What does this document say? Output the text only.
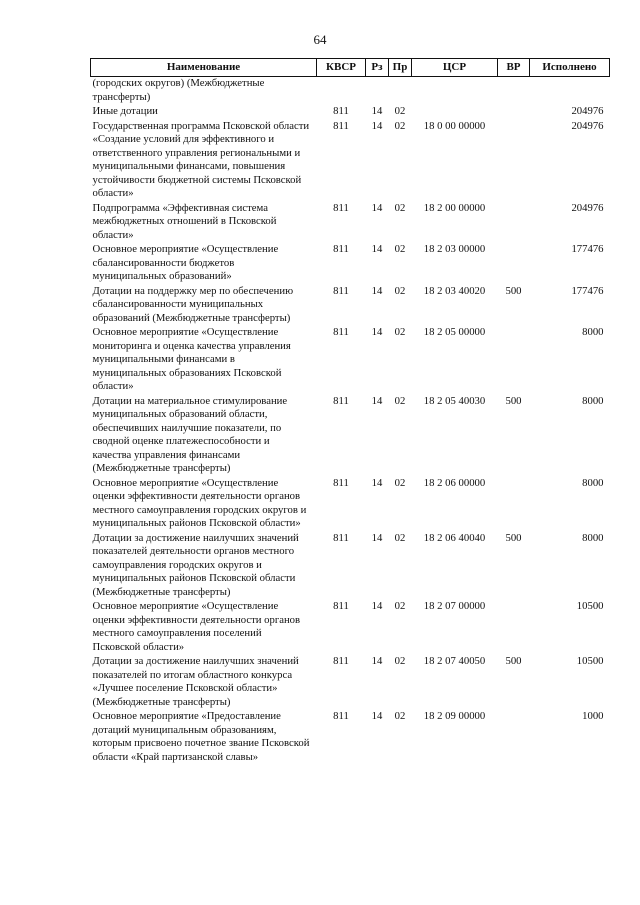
64
Наименование	КВСР	Рз	Пр	ЦСР	ВР	Исполнено
(городских округов) (Межбюджетные трансферты)						
Иные дотации	811	14	02			204976
Государственная программа Псковской области «Создание условий для эффективного и ответственного управления региональными и муниципальными финансами, повышения устойчивости бюджетной системы Псковской области»	811	14	02	18 0 00 00000		204976
Подпрограмма «Эффективная система межбюджетных отношений в Псковской области»	811	14	02	18 2 00 00000		204976
Основное мероприятие «Осуществление сбалансированности бюджетов муниципальных образований»	811	14	02	18 2 03 00000		177476
Дотации на поддержку мер по обеспечению сбалансированности муниципальных образований (Межбюджетные трансферты)	811	14	02	18 2 03 40020	500	177476
Основное мероприятие «Осуществление мониторинга и оценка качества управления муниципальными финансами в муниципальных образованиях Псковской области»	811	14	02	18 2 05 00000		8000
Дотации на материальное стимулирование муниципальных образований области, обеспечивших наилучшие показатели, по сводной оценке платежеспособности и качества управления финансами (Межбюджетные трансферты)	811	14	02	18 2 05 40030	500	8000
Основное мероприятие «Осуществление оценки эффективности деятельности органов местного самоуправления городских округов и муниципальных районов Псковской области»	811	14	02	18 2 06 00000		8000
Дотации за достижение наилучших значений показателей деятельности органов местного самоуправления городских округов и муниципальных районов Псковской области (Межбюджетные трансферты)	811	14	02	18 2 06 40040	500	8000
Основное мероприятие «Осуществление оценки эффективности деятельности органов местного самоуправления поселений Псковской области»	811	14	02	18 2 07 00000		10500
Дотации за достижение наилучших значений показателей по итогам областного конкурса «Лучшее поселение Псковской области» (Межбюджетные трансферты)	811	14	02	18 2 07 40050	500	10500
Основное мероприятие «Предоставление дотаций муниципальным образованиям, которым присвоено почетное звание Псковской области «Край партизанской славы»	811	14	02	18 2 09 00000		1000
